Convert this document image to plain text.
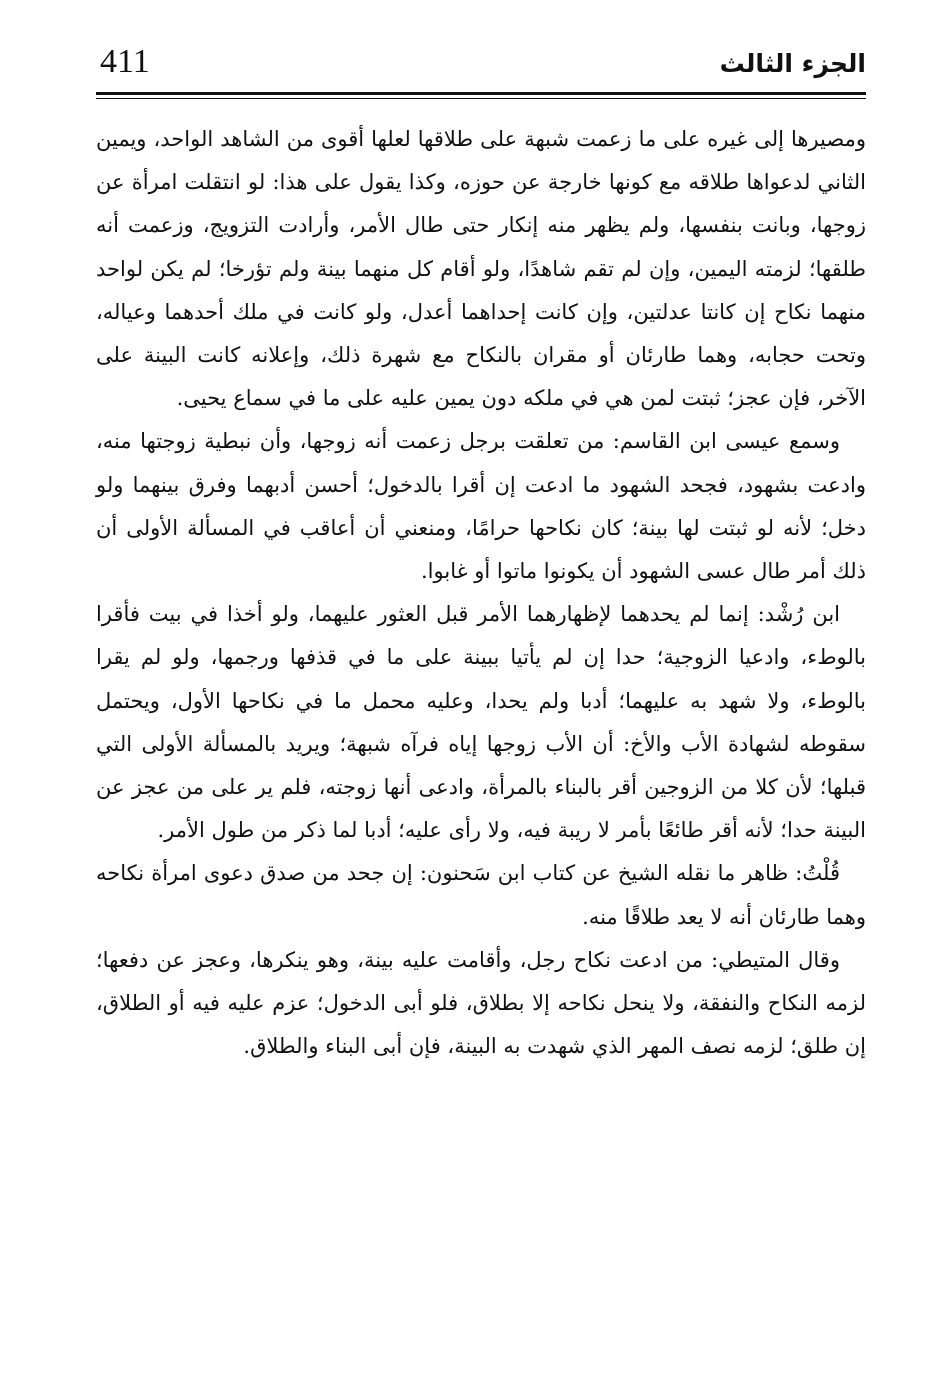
411	الجزء الثالث

ومصيرها إلى غيره على ما زعمت شبهة على طلاقها لعلها أقوى من الشاهد الواحد، ويمين الثاني لدعواها طلاقه مع كونها خارجة عن حوزه، وكذا يقول على هذا: لو انتقلت امرأة عن زوجها، وبانت بنفسها، ولم يظهر منه إنكار حتى طال الأمر، وأرادت التزويج، وزعمت أنه طلقها؛ لزمته اليمين، وإن لم تقم شاهدًا، ولو أقام كل منهما بينة ولم تؤرخا؛ لم يكن لواحد منهما نكاح إن كانتا عدلتين، وإن كانت إحداهما أعدل، ولو كانت في ملك أحدهما وعياله، وتحت حجابه، وهما طارئان أو مقران بالنكاح مع شهرة ذلك، وإعلانه كانت البينة على الآخر، فإن عجز؛ ثبتت لمن هي في ملكه دون يمين عليه على ما في سماع يحيى.

وسمع عيسى ابن القاسم: من تعلقت برجل زعمت أنه زوجها، وأن نبطية زوجتها منه، وادعت بشهود، فجحد الشهود ما ادعت إن أقرا بالدخول؛ أحسن أدبهما وفرق بينهما ولو دخل؛ لأنه لو ثبتت لها بينة؛ كان نكاحها حرامًا، ومنعني أن أعاقب في المسألة الأولى أن ذلك أمر طال عسى الشهود أن يكونوا ماتوا أو غابوا.

ابن رُشْد: إنما لم يحدهما لإظهارهما الأمر قبل العثور عليهما، ولو أخذا في بيت فأقرا بالوطء، وادعيا الزوجية؛ حدا إن لم يأتيا ببينة على ما في قذفها ورجمها، ولو لم يقرا بالوطء، ولا شهد به عليهما؛ أدبا ولم يحدا، وعليه محمل ما في نكاحها الأول، ويحتمل سقوطه لشهادة الأب والأخ: أن الأب زوجها إياه فرآه شبهة؛ ويريد بالمسألة الأولى التي قبلها؛ لأن كلا من الزوجين أقر بالبناء بالمرأة، وادعى أنها زوجته، فلم ير على من عجز عن البينة حدا؛ لأنه أقر طائعًا بأمر لا ريبة فيه، ولا رأى عليه؛ أدبا لما ذكر من طول الأمر.

قُلْتُ: ظاهر ما نقله الشيخ عن كتاب ابن سَحنون: إن جحد من صدق دعوى امرأة نكاحه وهما طارئان أنه لا يعد طلاقًا منه.

وقال المتيطي: من ادعت نكاح رجل، وأقامت عليه بينة، وهو ينكرها، وعجز عن دفعها؛ لزمه النكاح والنفقة، ولا ينحل نكاحه إلا بطلاق، فلو أبى الدخول؛ عزم عليه فيه أو الطلاق، إن طلق؛ لزمه نصف المهر الذي شهدت به البينة، فإن أبى البناء والطلاق.
